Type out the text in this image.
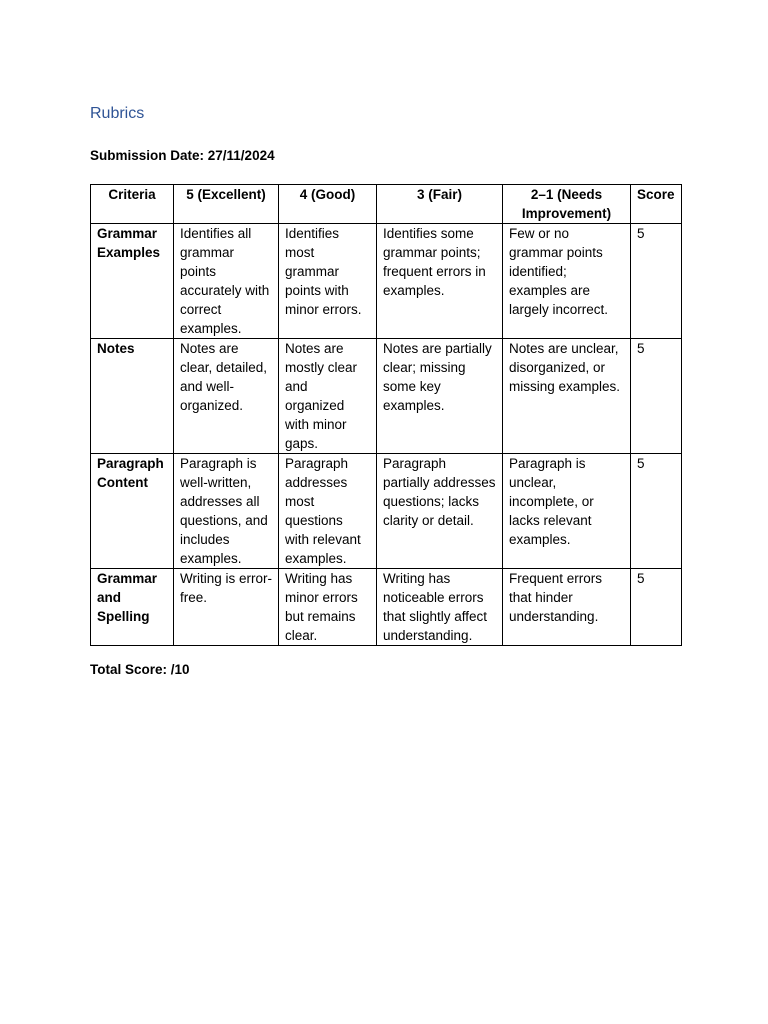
Rubrics
Submission Date: 27/11/2024
Criteria	5 (Excellent)	4 (Good)	3 (Fair)	2–1 (Needs Improvement)	Score
Grammar Examples	Identifies all grammar points accurately with correct examples.	Identifies most grammar points with minor errors.	Identifies some grammar points; frequent errors in examples.	Few or no grammar points identified; examples are largely incorrect.	5
Notes	Notes are clear, detailed, and well-organized.	Notes are mostly clear and organized with minor gaps.	Notes are partially clear; missing some key examples.	Notes are unclear, disorganized, or missing examples.	5
Paragraph Content	Paragraph is well-written, addresses all questions, and includes examples.	Paragraph addresses most questions with relevant examples.	Paragraph partially addresses questions; lacks clarity or detail.	Paragraph is unclear, incomplete, or lacks relevant examples.	5
Grammar and Spelling	Writing is error-free.	Writing has minor errors but remains clear.	Writing has noticeable errors that slightly affect understanding.	Frequent errors that hinder understanding.	5
Total Score: /10
